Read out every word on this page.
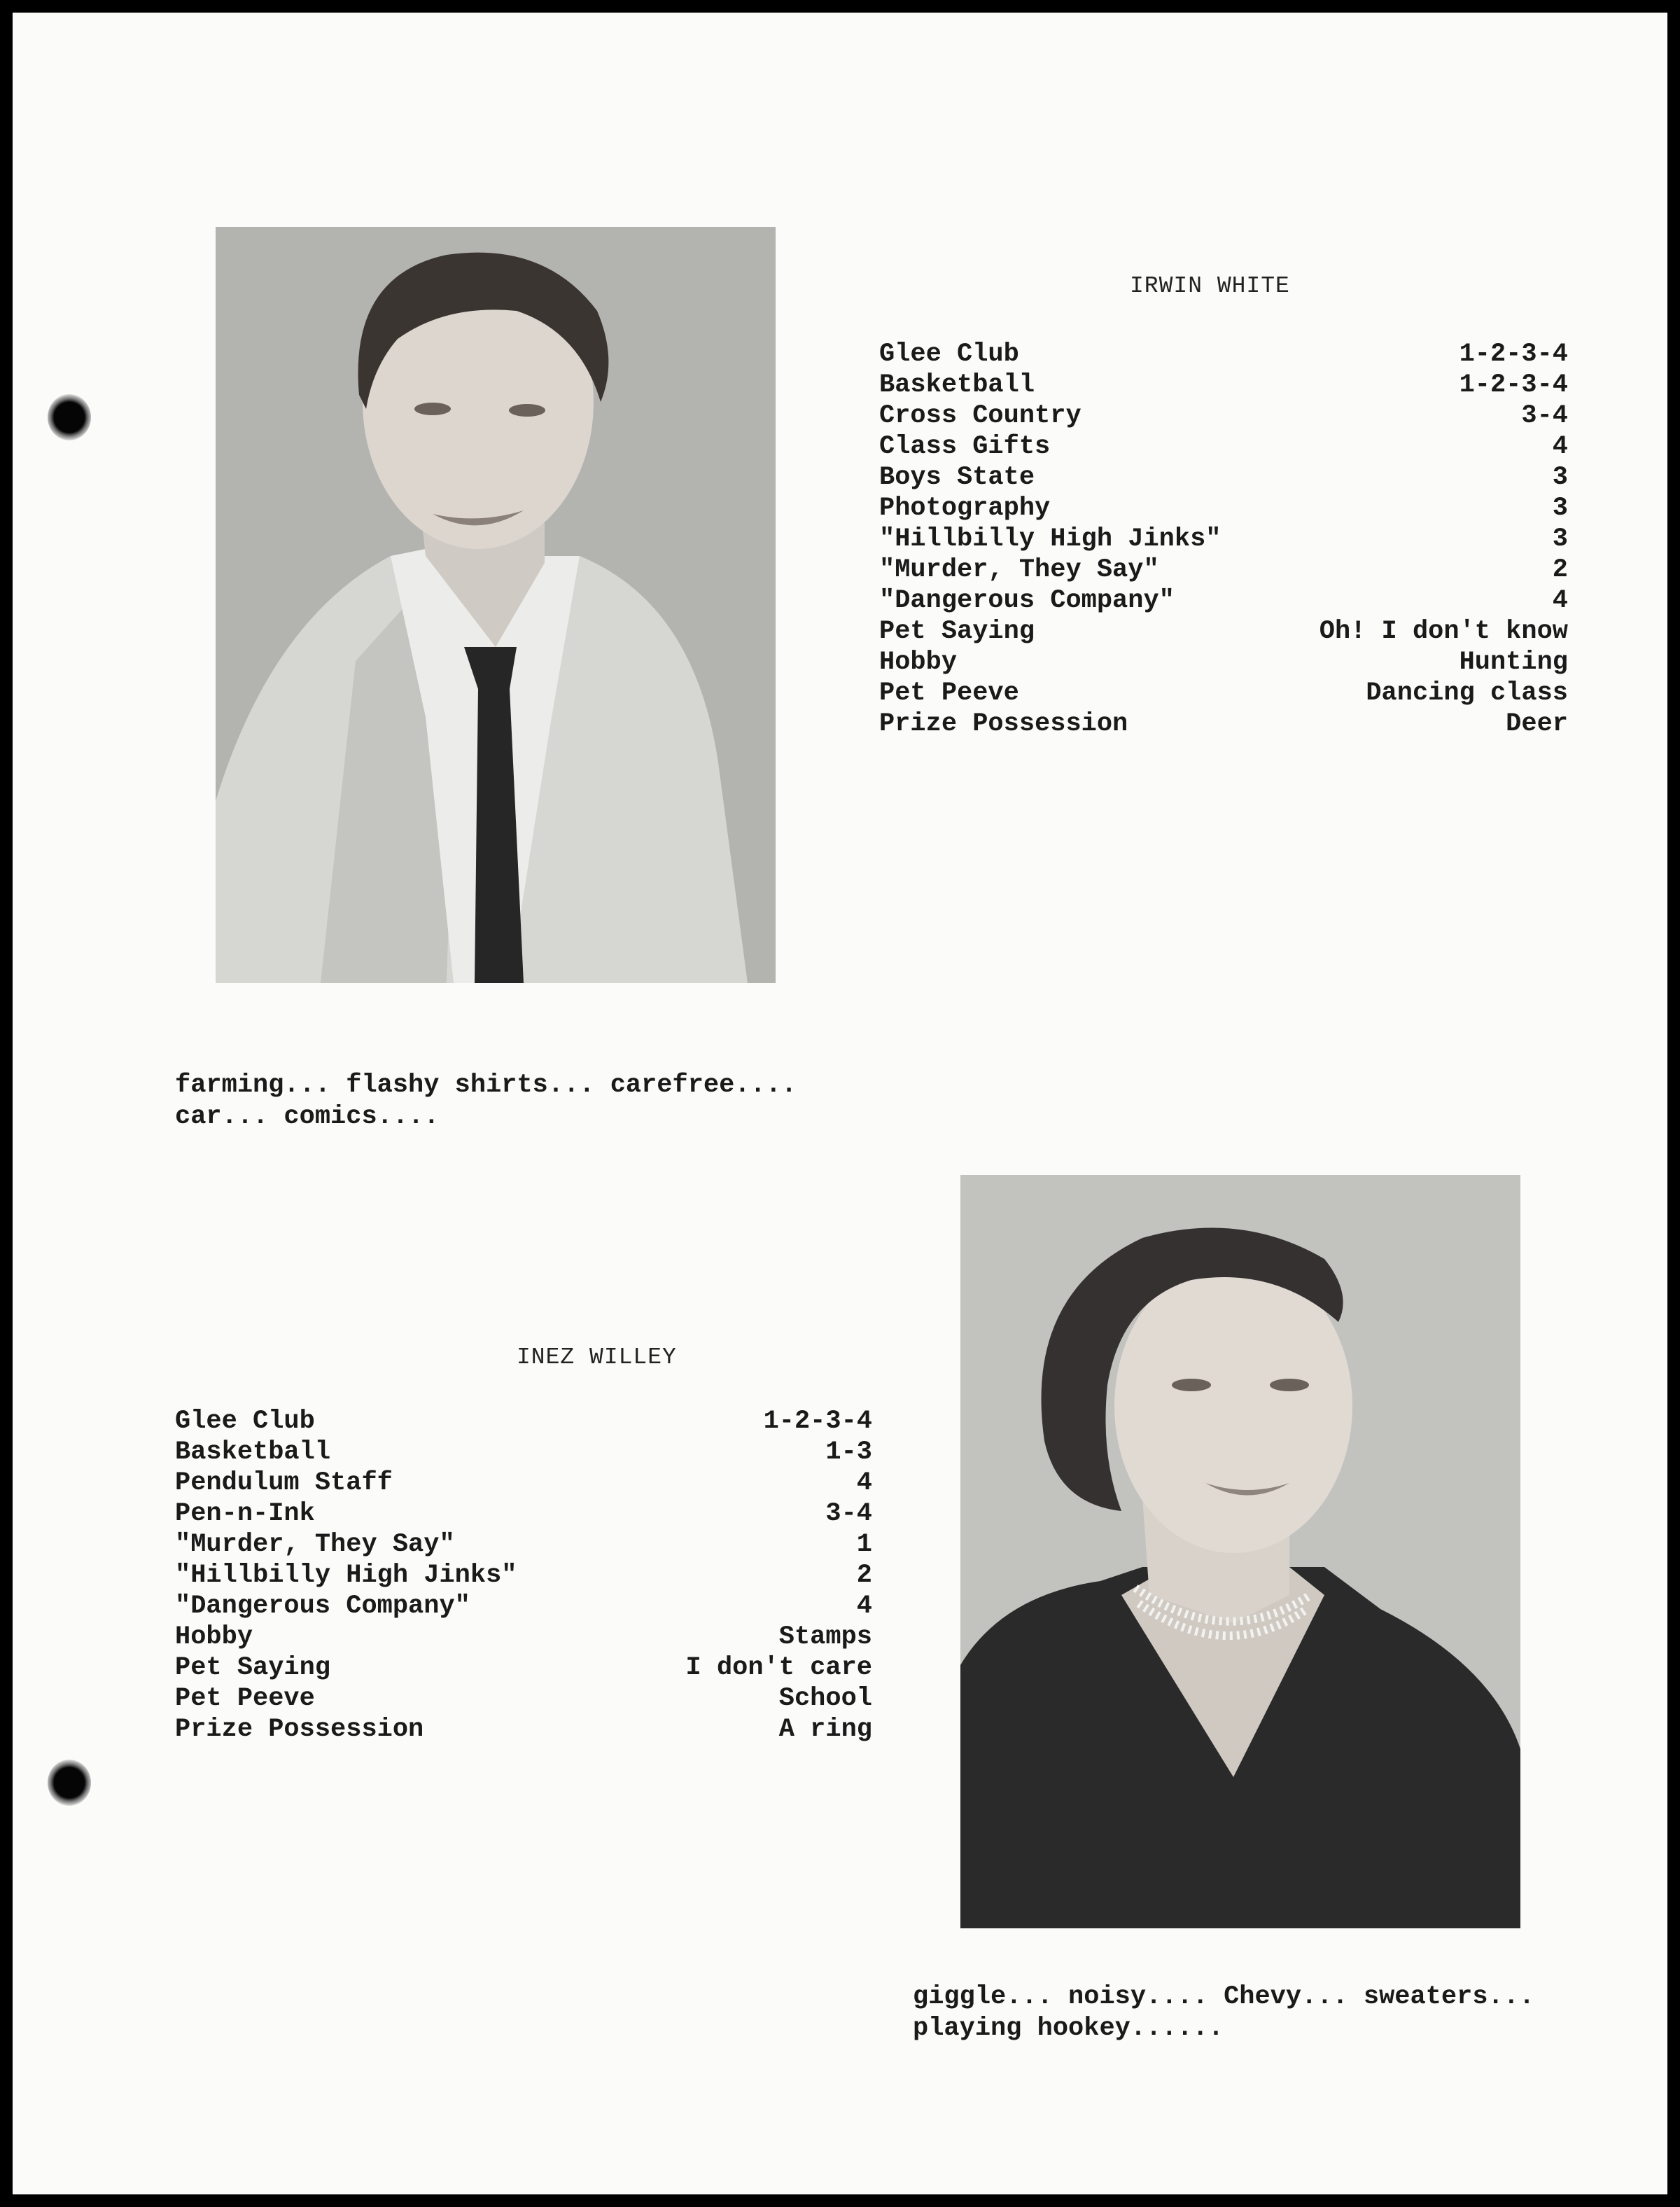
IRWIN WHITE
Glee Club	1-2-3-4
Basketball	1-2-3-4
Cross Country	3-4
Class Gifts	4
Boys State	3
Photography	3
"Hillbilly High Jinks"	3
"Murder, They Say"	2
"Dangerous Company"	4
Pet Saying	Oh! I don't know
Hobby	Hunting
Pet Peeve	Dancing class
Prize Possession	Deer
farming... flashy shirts... carefree....
car... comics....
INEZ WILLEY
Glee Club	1-2-3-4
Basketball	1-3
Pendulum Staff	4
Pen-n-Ink	3-4
"Murder, They Say"	1
"Hillbilly High Jinks"	2
"Dangerous Company"	4
Hobby	Stamps
Pet Saying	I don't care
Pet Peeve	School
Prize Possession	A ring
giggle... noisy.... Chevy... sweaters...
playing hookey......
